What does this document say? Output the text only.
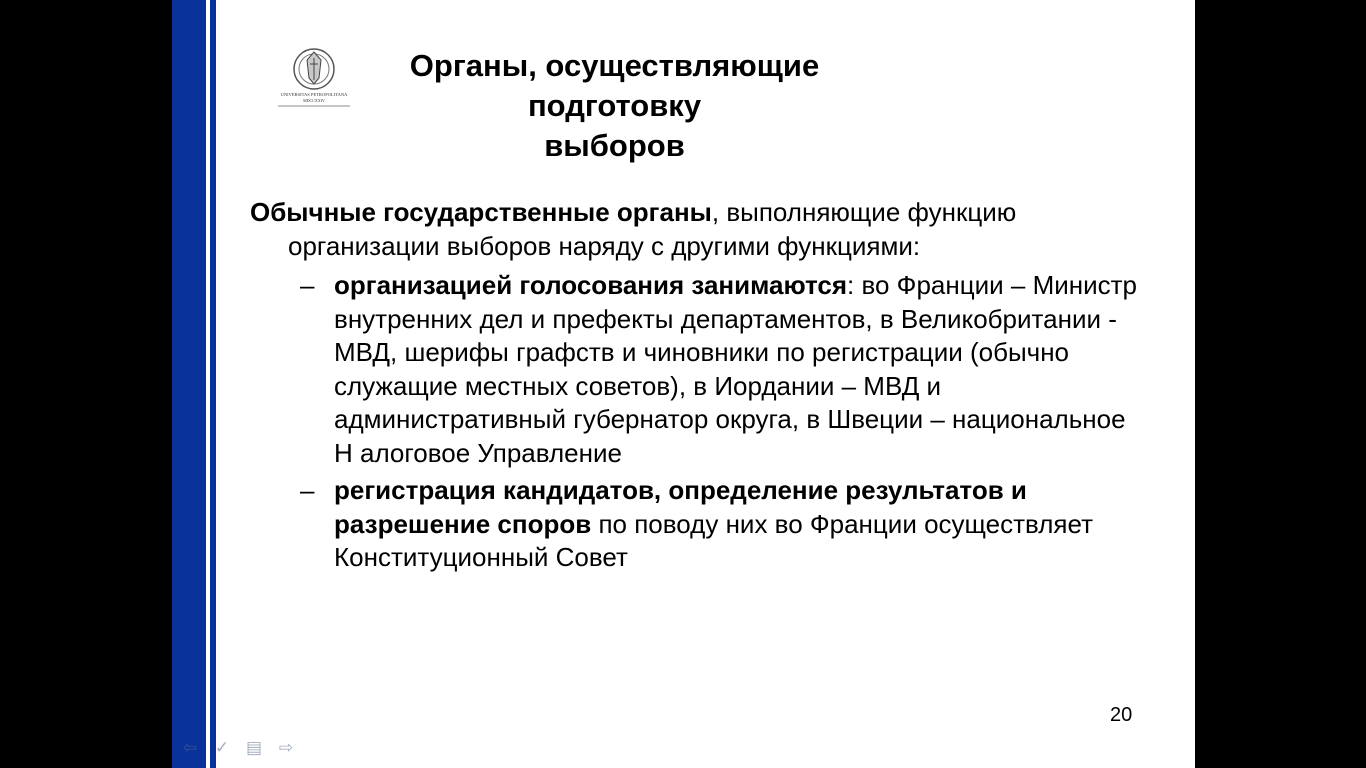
UNIVERSITAS PETROPOLITANA
MDCCXXIV
Органы, осуществляющие подготовку
выборов

Обычные государственные органы, выполняющие функцию организации выборов наряду с другими функциями:

– организацией голосования занимаются: во Франции – Министр внутренних дел и префекты департаментов, в Великобритании - МВД, шерифы графств и чиновники по регистрации (обычно служащие местных советов), в Иордании – МВД и административный губернатор округа, в Швеции – национальное Н алоговое Управление

– регистрация кандидатов, определение результатов и разрешение споров по поводу них во Франции осуществляет Конституционный Совет

20
⇦ ✓ ▤ ⇨
